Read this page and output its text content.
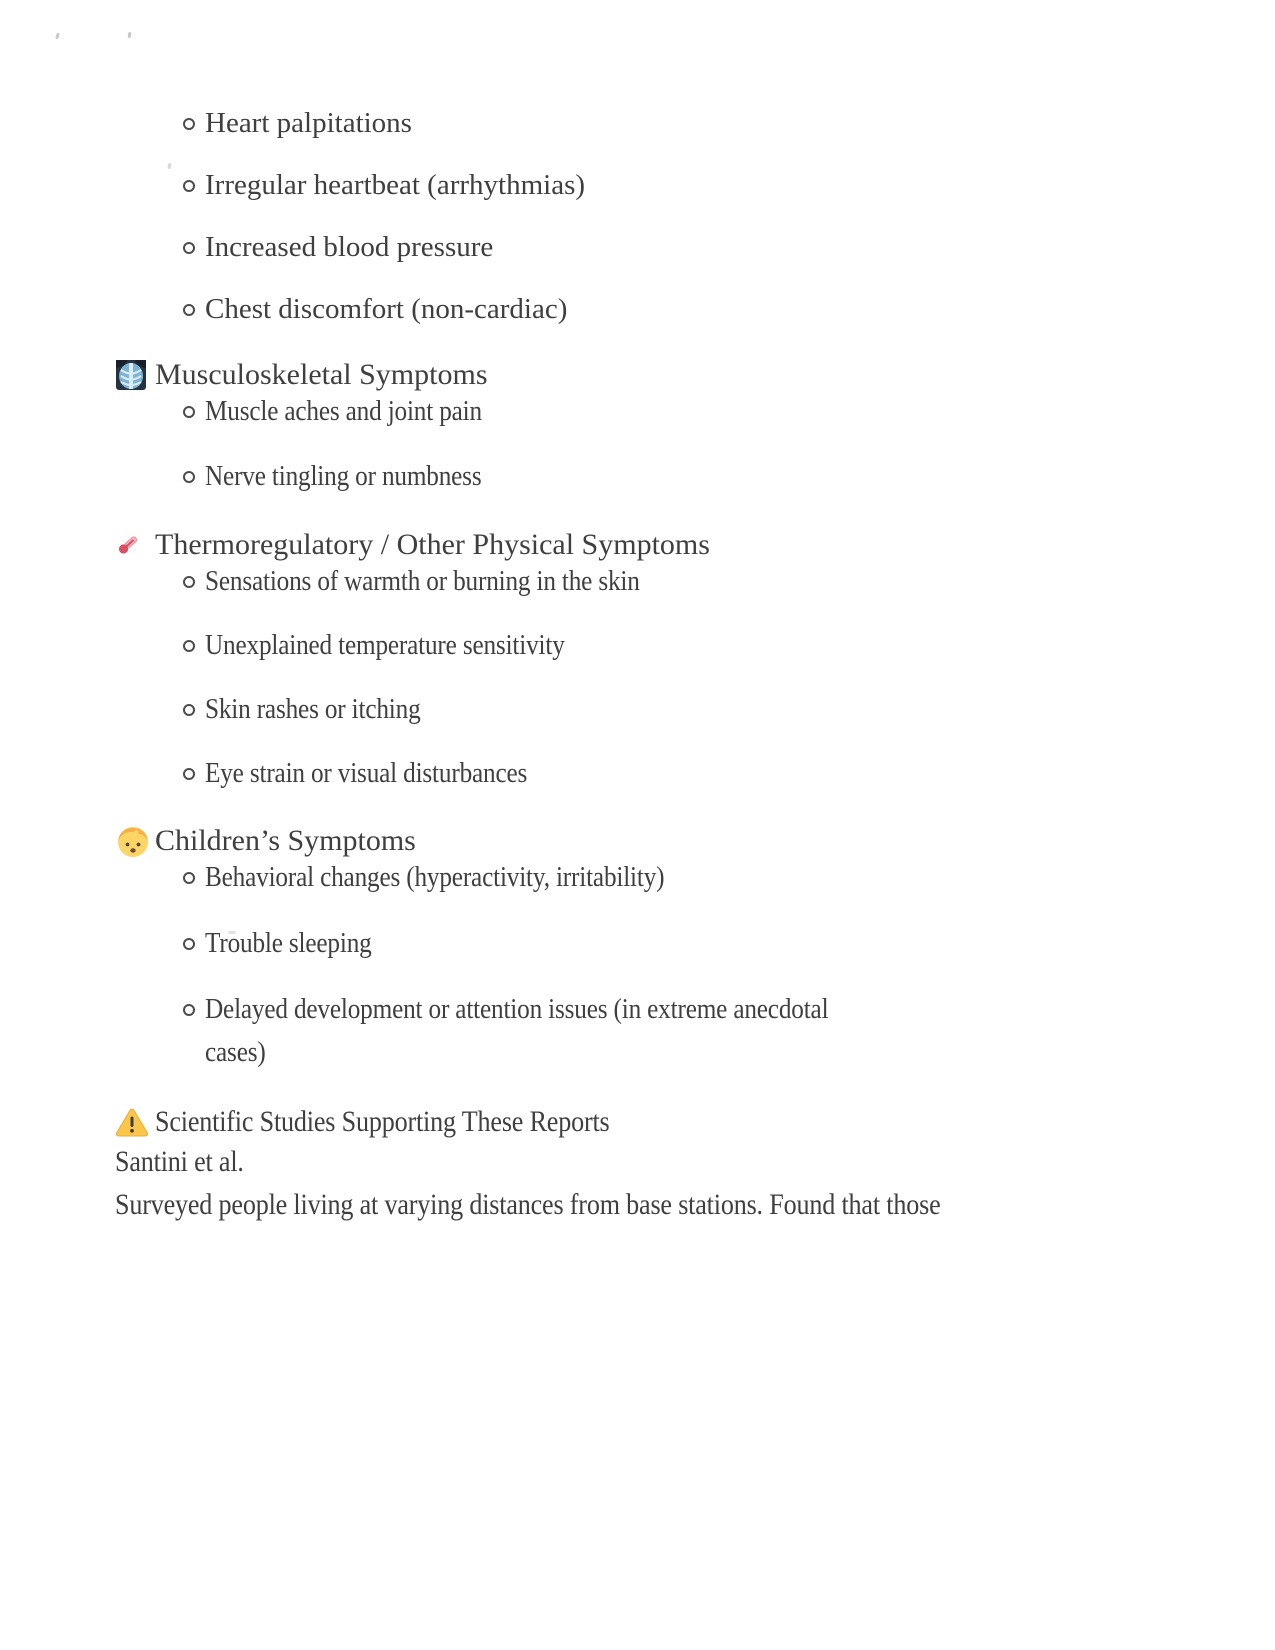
Heart palpitations
Irregular heartbeat (arrhythmias)
Increased blood pressure
Chest discomfort (non-cardiac)
Musculoskeletal Symptoms
Muscle aches and joint pain
Nerve tingling or numbness
Thermoregulatory / Other Physical Symptoms
Sensations of warmth or burning in the skin
Unexplained temperature sensitivity
Skin rashes or itching
Eye strain or visual disturbances
Children’s Symptoms
Behavioral changes (hyperactivity, irritability)
Trouble sleeping
Delayed development or attention issues (in extreme anecdotal
cases)
Scientific Studies Supporting These Reports

Santini et al.

Surveyed people living at varying distances from base stations. Found that those
